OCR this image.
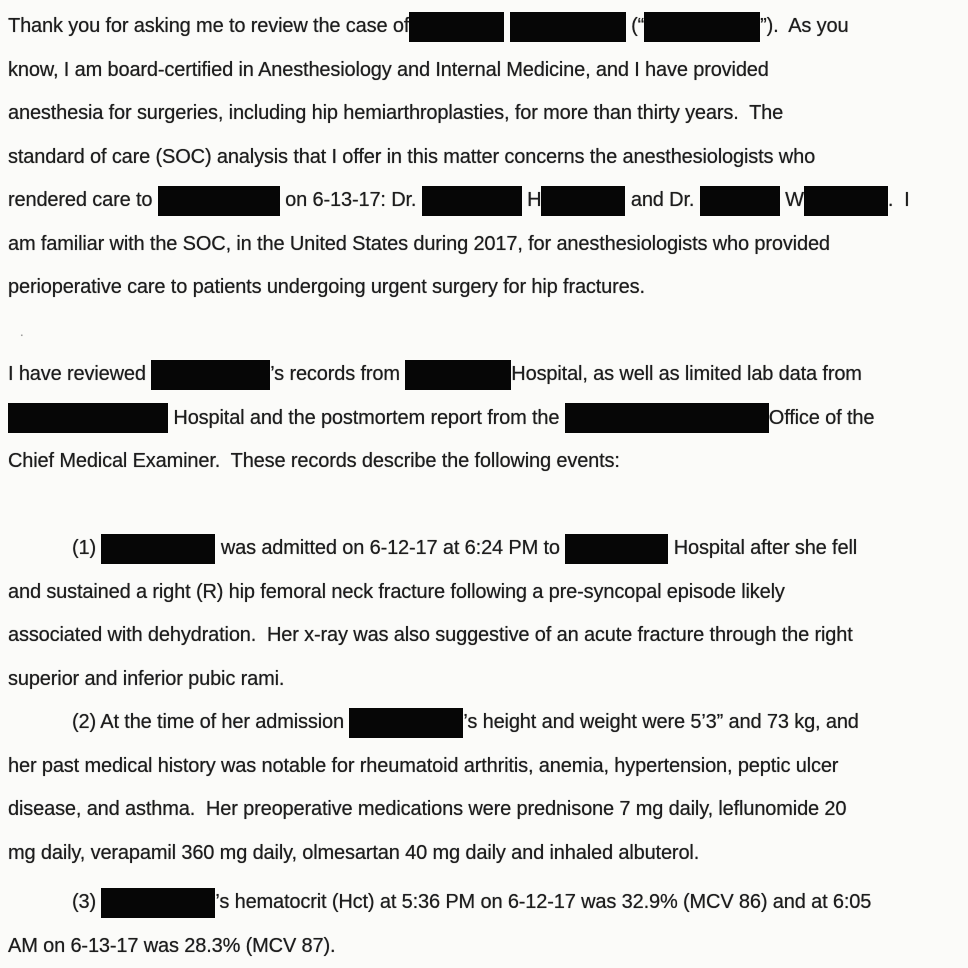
Thank you for asking me to review the case of
	(“	”).  As you
know, I am board-certified in Anesthesiology and Internal Medicine, and I have provided
anesthesia for surgeries, including hip hemiarthroplasties, for more than thirty years.  The
standard of care (SOC) analysis that I offer in this matter concerns the anesthesiologists who
rendered care to	on 6-13-17: Dr.	H	and Dr.	W	.  I
am familiar with the SOC, in the United States during 2017, for anesthesiologists who provided
perioperative care to patients undergoing urgent surgery for hip fractures.
.
I have reviewed	’s records from	Hospital, as well as limited lab data from
Hospital and the postmortem report from the	Office of the
Chief Medical Examiner.  These records describe the following events:
(1)	was admitted on 6-12-17 at 6:24 PM to	Hospital after she fell
and sustained a right (R) hip femoral neck fracture following a pre-syncopal episode likely
associated with dehydration.  Her x-ray was also suggestive of an acute fracture through the right
superior and inferior pubic rami.
(2) At the time of her admission	’s height and weight were 5’3” and 73 kg, and
her past medical history was notable for rheumatoid arthritis, anemia, hypertension, peptic ulcer
disease, and asthma.  Her preoperative medications were prednisone 7 mg daily, leflunomide 20
mg daily, verapamil 360 mg daily, olmesartan 40 mg daily and inhaled albuterol.
(3)	’s hematocrit (Hct) at 5:36 PM on 6-12-17 was 32.9% (MCV 86) and at 6:05
AM on 6-13-17 was 28.3% (MCV 87).
